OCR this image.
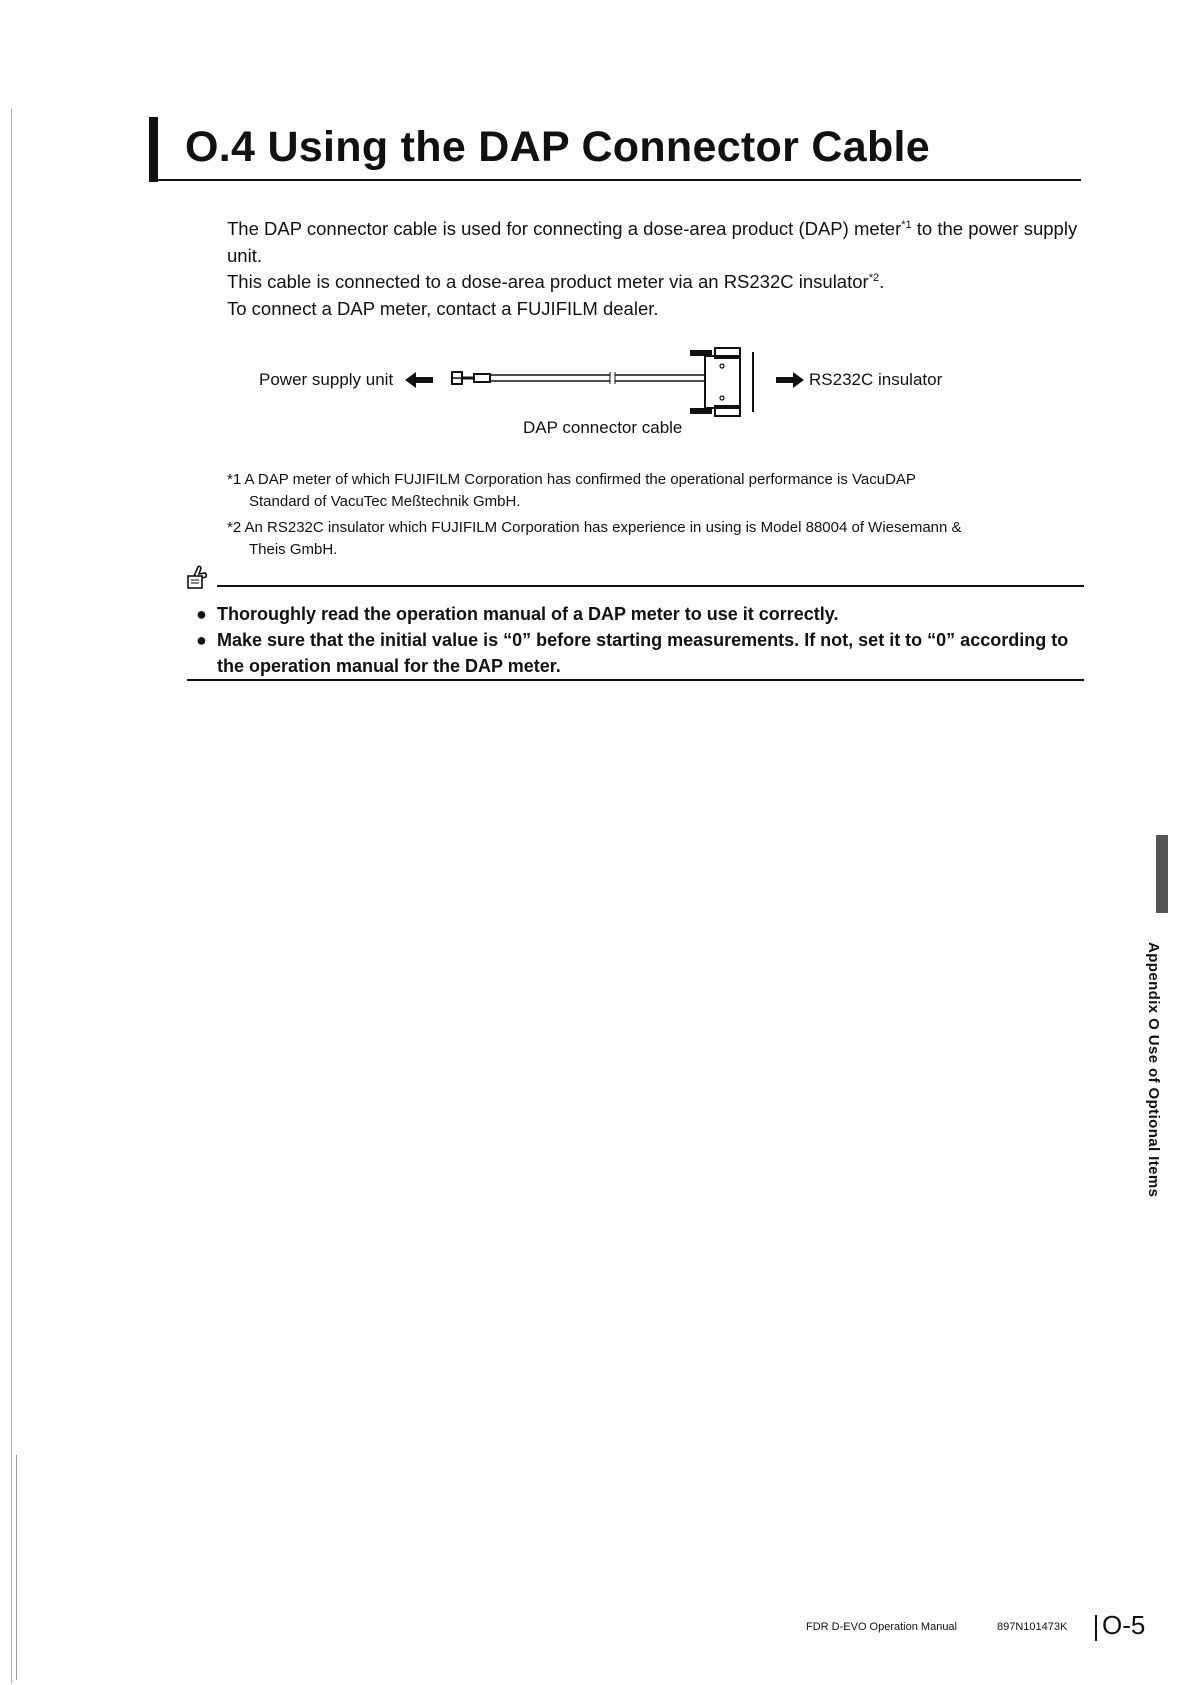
O.4 Using the DAP Connector Cable

The DAP connector cable is used for connecting a dose-area product (DAP) meter$^{*1}$ to the power supply unit.

This cable is connected to a dose-area product meter via an RS232C insulator$^{*2}$.

To connect a DAP meter, contact a FUJIFILM dealer.

Power supply unit	RS232C insulator
DAP connector cable
*1 A DAP meter of which FUJIFILM Corporation has confirmed the operational performance is VacuDAP
Standard of VacuTec Meßtechnik GmbH.
*2 An RS232C insulator which FUJIFILM Corporation has experience in using is Model 88004 of Wiesemann &
Theis GmbH.
● Thoroughly read the operation manual of a DAP meter to use it correctly.
● Make sure that the initial value is “0” before starting measurements. If not, set it to “0” according to the operation manual for the DAP meter.
Appendix O Use of Optional Items
FDR D-EVO Operation Manual	897N101473K O-5
